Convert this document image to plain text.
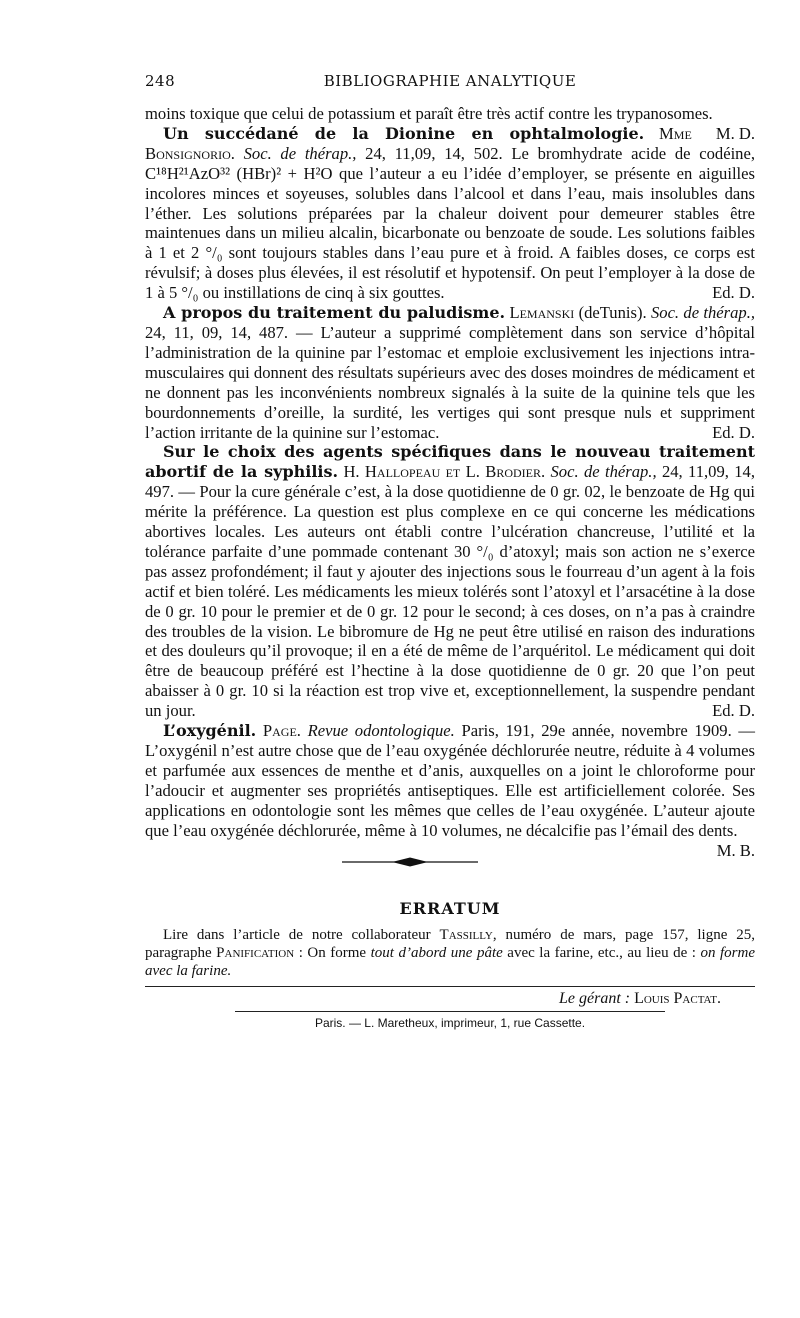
248	BIBLIOGRAPHIE ANALYTIQUE

moins toxique que celui de potassium et paraît être très actif contre les trypanosomes.
M. D.

Un succédané de la Dionine en ophtalmologie. Mme Bonsignorio. Soc. de thérap., 24, 11,09, 14, 502. Le bromhydrate acide de codéine, C¹⁸H²¹AzO³² (HBr)² + H²O que l’auteur a eu l’idée d’employer, se présente en aiguilles incolores minces et soyeuses, solubles dans l’alcool et dans l’eau, mais insolubles dans l’éther. Les solutions préparées par la chaleur doivent pour demeurer stables être maintenues dans un milieu alcalin, bicarbonate ou benzoate de soude. Les solutions faibles à 1 et 2 °/₀ sont toujours stables dans l’eau pure et à froid. A faibles doses, ce corps est révulsif; à doses plus élevées, il est résolutif et hypotensif. On peut l’employer à la dose de 1 à 5 °/₀ ou instillations de cinq à six gouttes.	Ed. D.

A propos du traitement du paludisme. Lemanski (deTunis). Soc. de thérap., 24, 11, 09, 14, 487. — L’auteur a supprimé complètement dans son service d’hôpital l’administration de la quinine par l’estomac et emploie exclusivement les injections intra-musculaires qui donnent des résultats supérieurs avec des doses moindres de médicament et ne donnent pas les inconvénients nombreux signalés à la suite de la quinine tels que les bourdonnements d’oreille, la surdité, les vertiges qui sont presque nuls et suppriment l’action irritante de la quinine sur l’estomac.	Ed. D.

Sur le choix des agents spécifiques dans le nouveau traitement abortif de la syphilis. H. Hallopeau et L. Brodier. Soc. de thérap., 24, 11,09, 14, 497. — Pour la cure générale c’est, à la dose quotidienne de 0 gr. 02, le benzoate de Hg qui mérite la préférence. La question est plus complexe en ce qui concerne les médications abortives locales. Les auteurs ont établi contre l’ulcération chancreuse, l’utilité et la tolérance parfaite d’une pommade contenant 30 °/₀ d’atoxyl; mais son action ne s’exerce pas assez profondément; il faut y ajouter des injections sous le fourreau d’un agent à la fois actif et bien toléré. Les médicaments les mieux tolérés sont l’atoxyl et l’arsacétine à la dose de 0 gr. 10 pour le premier et de 0 gr. 12 pour le second; à ces doses, on n’a pas à craindre des troubles de la vision. Le bibromure de Hg ne peut être utilisé en raison des indurations et des douleurs qu’il provoque; il en a été de même de l’arquéritol. Le médicament qui doit être de beaucoup préféré est l’hectine à la dose quotidienne de 0 gr. 20 que l’on peut abaisser à 0 gr. 10 si la réaction est trop vive et, exceptionnellement, la suspendre pendant un jour.	Ed. D.

L’oxygénil. Page. Revue odontologique. Paris, 191, 29e année, novembre 1909. — L’oxygénil n’est autre chose que de l’eau oxygénée déchlorurée neutre, réduite à 4 volumes et parfumée aux essences de menthe et d’anis, auxquelles on a joint le chloroforme pour l’adoucir et augmenter ses propriétés antiseptiques. Elle est artificiellement colorée. Ses applications en odontologie sont les mêmes que celles de l’eau oxygénée. L’auteur ajoute que l’eau oxygénée déchlorurée, même à 10 volumes, ne décalcifie pas l’émail des dents.
M. B.

ERRATUM

Lire dans l’article de notre collaborateur Tassilly, numéro de mars, page 157, ligne 25, paragraphe Panification : On forme tout d’abord une pâte avec la farine, etc., au lieu de : on forme avec la farine.

Le gérant : Louis Pactat.
Paris. — L. Maretheux, imprimeur, 1, rue Cassette.
